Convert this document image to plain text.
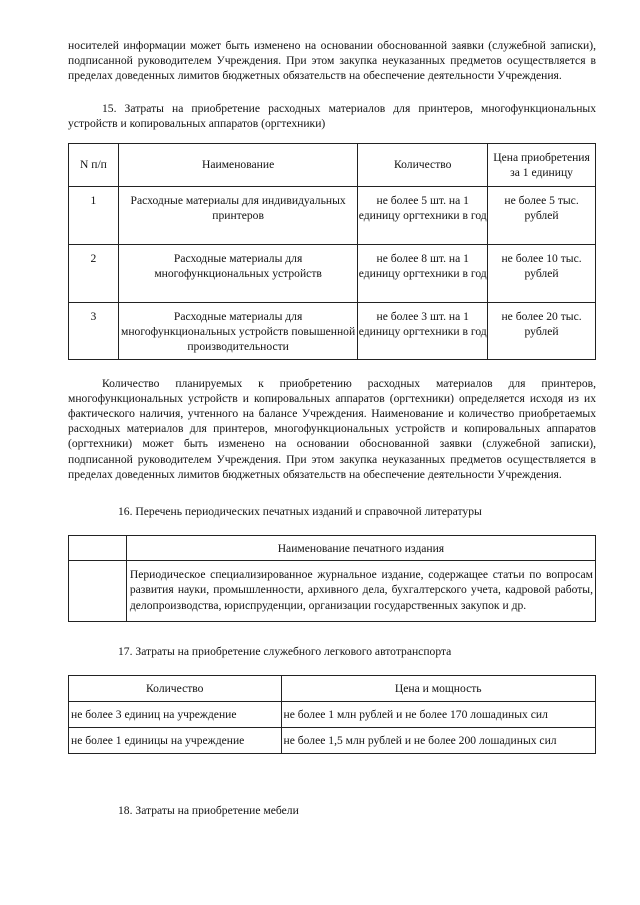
носителей информации может быть изменено на основании обоснованной заявки (служебной записки), подписанной руководителем Учреждения. При этом закупка неуказанных предметов осуществляется в пределах доведенных лимитов бюджетных обязательств на обеспечение деятельности Учреждения.

15. Затраты на приобретение расходных материалов для принтеров, многофункциональных устройств и копировальных аппаратов (оргтехники)

N п/п	Наименование	Количество	Цена приобретения за 1 единицу
1	Расходные материалы для индивидуальных принтеров	не более 5 шт. на 1 единицу оргтехники в год	не более 5 тыс. рублей
2	Расходные материалы для многофункциональных устройств	не более 8 шт. на 1 единицу оргтехники в год	не более 10 тыс. рублей
3	Расходные материалы для многофункциональных устройств повышенной производительности	не более 3 шт. на 1 единицу оргтехники в год	не более 20 тыс. рублей

Количество планируемых к приобретению расходных материалов для принтеров, многофункциональных устройств и копировальных аппаратов (оргтехники) определяется исходя из их фактического наличия, учтенного на балансе Учреждения. Наименование и количество приобретаемых расходных материалов для принтеров, многофункциональных устройств и копировальных аппаратов (оргтехники) может быть изменено на основании обоснованной заявки (служебной записки), подписанной руководителем Учреждения. При этом закупка неуказанных предметов осуществляется в пределах доведенных лимитов бюджетных обязательств на обеспечение деятельности Учреждения.

16. Перечень периодических печатных изданий и справочной литературы

	Наименование печатного издания
	Периодическое специализированное журнальное издание, содержащее статьи по вопросам развития науки, промышленности, архивного дела, бухгалтерского учета, кадровой работы, делопроизводства, юриспруденции, организации государственных закупок и др.

17. Затраты на приобретение служебного легкового автотранспорта

Количество	Цена и мощность
не более 3 единиц на учреждение	не более 1 млн рублей и не более 170 лошадиных сил
не более 1 единицы на учреждение	не более 1,5 млн рублей и не более 200 лошадиных сил

18. Затраты на приобретение мебели
